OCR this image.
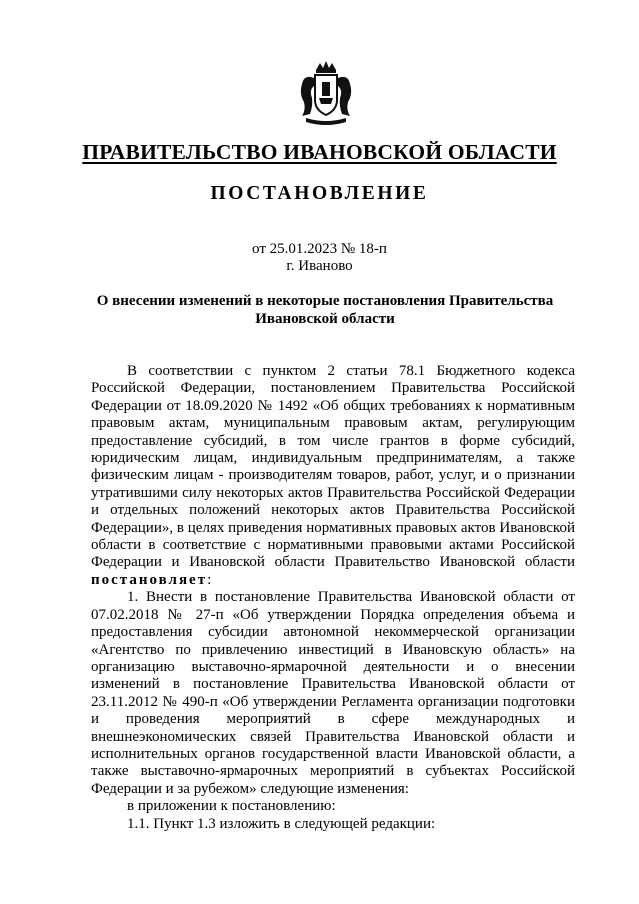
ПРАВИТЕЛЬСТВО ИВАНОВСКОЙ ОБЛАСТИ
ПОСТАНОВЛЕНИЕ
от 25.01.2023 № 18-п
г. Иваново
О внесении изменений в некоторые постановления Правительства Ивановской области

В соответствии с пунктом 2 статьи 78.1 Бюджетного кодекса Российской Федерации, постановлением Правительства Российской Федерации от 18.09.2020 № 1492 «Об общих требованиях к нормативным правовым актам, муниципальным правовым актам, регулирующим предоставление субсидий, в том числе грантов в форме субсидий, юридическим лицам, индивидуальным предпринимателям, а также физическим лицам - производителям товаров, работ, услуг, и о признании утратившими силу некоторых актов Правительства Российской Федерации и отдельных положений некоторых актов Правительства Российской Федерации», в целях приведения нормативных правовых актов Ивановской области в соответствие с нормативными правовыми актами Российской Федерации и Ивановской области Правительство Ивановской области постановляет:

1. Внести в постановление Правительства Ивановской области от 07.02.2018 № 27-п «Об утверждении Порядка определения объема и предоставления субсидии автономной некоммерческой организации «Агентство по привлечению инвестиций в Ивановскую область» на организацию выставочно-ярмарочной деятельности и о внесении изменений в постановление Правительства Ивановской области от 23.11.2012 № 490-п «Об утверждении Регламента организации подготовки и проведения мероприятий в сфере международных и внешнеэкономических связей Правительства Ивановской области и исполнительных органов государственной власти Ивановской области, а также выставочно-ярмарочных мероприятий в субъектах Российской Федерации и за рубежом» следующие изменения:

в приложении к постановлению:

1.1. Пункт 1.3 изложить в следующей редакции:
